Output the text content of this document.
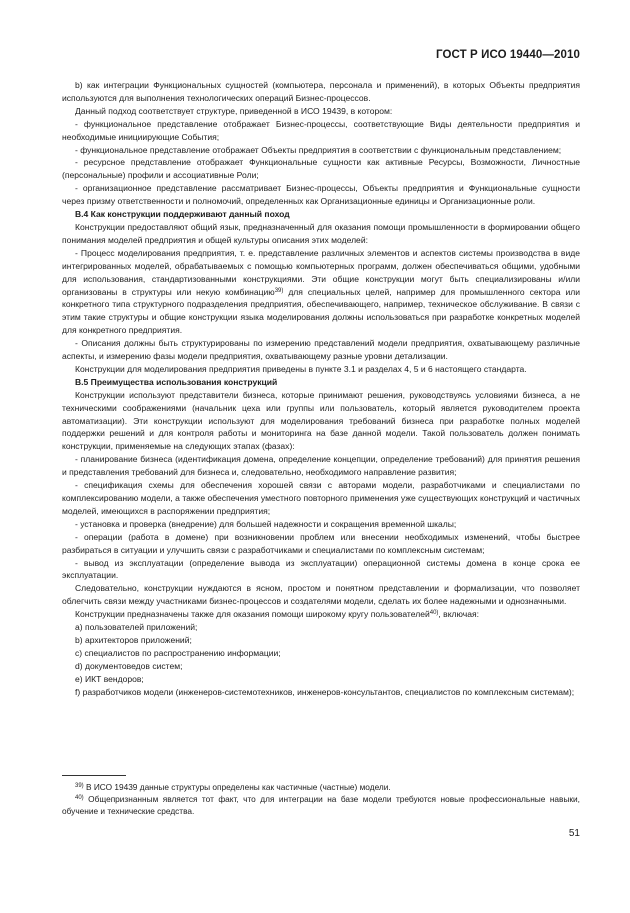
ГОСТ Р ИСО 19440—2010

b) как интеграции Функциональных сущностей (компьютера, персонала и применений), в которых Объекты предприятия используются для выполнения технологических операций Бизнес-процессов.

Данный подход соответствует структуре, приведенной в ИСО 19439, в котором:

- функциональное представление отображает Бизнес-процессы, соответствующие Виды деятельности предприятия и необходимые инициирующие События;

- функциональное представление отображает Объекты предприятия в соответствии с функциональным представлением;

- ресурсное представление отображает Функциональные сущности как активные Ресурсы, Возможности, Личностные (персональные) профили и ассоциативные Роли;

- организационное представление рассматривает Бизнес-процессы, Объекты предприятия и Функциональные сущности через призму ответственности и полномочий, определенных как Организационные единицы и Организационные роли.

В.4 Как конструкции поддерживают данный поход

Конструкции предоставляют общий язык, предназначенный для оказания помощи промышленности в формировании общего понимания моделей предприятия и общей культуры описания этих моделей:

- Процесс моделирования предприятия, т. е. представление различных элементов и аспектов системы производства в виде интегрированных моделей, обрабатываемых с помощью компьютерных программ, должен обеспечиваться общими, удобными для использования, стандартизованными конструкциями. Эти общие конструкции могут быть специализированы и/или организованы в структуры или некую комбинацию$^{39)}$ для специальных целей, например для промышленного сектора или конкретного типа структурного подразделения предприятия, обеспечивающего, например, техническое обслуживание. В связи с этим такие структуры и общие конструкции языка моделирования должны использоваться при разработке конкретных моделей для конкретного предприятия.

- Описания должны быть структурированы по измерению представлений модели предприятия, охватывающему различные аспекты, и измерению фазы модели предприятия, охватывающему разные уровни детализации.

Конструкции для моделирования предприятия приведены в пункте 3.1 и разделах 4, 5 и 6 настоящего стандарта.

В.5 Преимущества использования конструкций

Конструкции используют представители бизнеса, которые принимают решения, руководствуясь условиями бизнеса, а не техническими соображениями (начальник цеха или группы или пользователь, который является руководителем проекта автоматизации). Эти конструкции используют для моделирования требований бизнеса при разработке полных моделей поддержки решений и для контроля работы и мониторинга на базе данной модели. Такой пользователь должен понимать конструкции, применяемые на следующих этапах (фазах):

- планирование бизнеса (идентификация домена, определение концепции, определение требований) для принятия решения и представления требований для бизнеса и, следовательно, необходимого направление развития;

- спецификация схемы для обеспечения хорошей связи с авторами модели, разработчиками и специалистами по комплексированию модели, а также обеспечения уместного повторного применения уже существующих конструкций и частичных моделей, имеющихся в распоряжении предприятия;

- установка и проверка (внедрение) для большей надежности и сокращения временной шкалы;

- операции (работа в домене) при возникновении проблем или внесении необходимых изменений, чтобы быстрее разбираться в ситуации и улучшить связи с разработчиками и специалистами по комплексным системам;

- вывод из эксплуатации (определение вывода из эксплуатации) операционной системы домена в конце срока ее эксплуатации.

Следовательно, конструкции нуждаются в ясном, простом и понятном представлении и формализации, что позволяет облегчить связи между участниками бизнес-процессов и создателями модели, сделать их более надежными и однозначными.

Конструкции предназначены также для оказания помощи широкому кругу пользователей$^{40)}$, включая:

a) пользователей приложений;

b) архитекторов приложений;

c) специалистов по распространению информации;

d) документоведов систем;

e) ИКТ вендоров;

f) разработчиков модели (инженеров-системотехников, инженеров-консультантов, специалистов по комплексным системам);

$^{39)}$ В ИСО 19439 данные структуры определены как частичные (частные) модели.

$^{40)}$ Общепризнанным является тот факт, что для интеграции на базе модели требуются новые профессиональные навыки, обучение и технические средства.

51
